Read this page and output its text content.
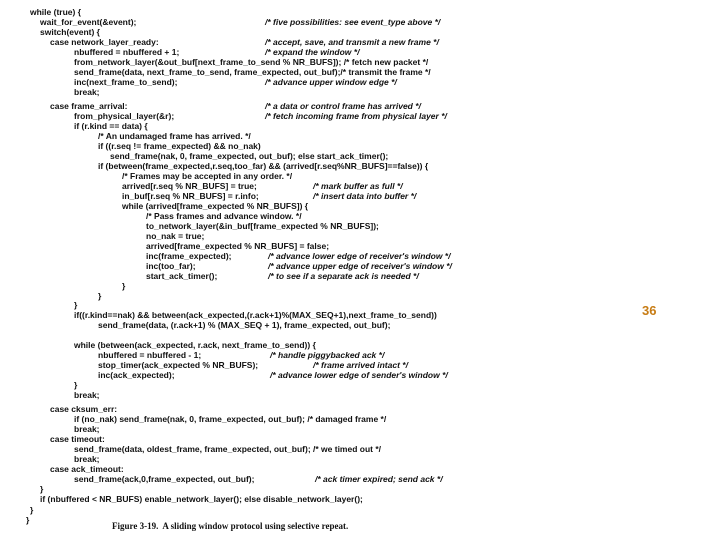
while (true) {
wait_for_event(&event);
switch(event) {
case network_layer_ready:
nbuffered = nbuffered + 1;
from_network_layer(&out_buf[next_frame_to_send % NR_BUFS]); /* fetch new packet */
send_frame(data, next_frame_to_send, frame_expected, out_buf);/* transmit the frame */
inc(next_frame_to_send);
break;
/* five possibilities: see event_type above */
/* accept, save, and transmit a new frame */
/* expand the window */
/* advance upper window edge */
case frame_arrival:
from_physical_layer(&r);
if (r.kind == data) {
/* An undamaged frame has arrived. */
if ((r.seq != frame_expected) && no_nak)
send_frame(nak, 0, frame_expected, out_buf); else start_ack_timer();
if (between(frame_expected,r.seq,too_far) && (arrived[r.seq%NR_BUFS]==false)) {
/* Frames may be accepted in any order. */
arrived[r.seq % NR_BUFS] = true;
in_buf[r.seq % NR_BUFS] = r.info;
while (arrived[frame_expected % NR_BUFS]) {
/* Pass frames and advance window. */
to_network_layer(&in_buf[frame_expected % NR_BUFS]);
no_nak = true;
arrived[frame_expected % NR_BUFS] = false;
inc(frame_expected);
inc(too_far);
start_ack_timer();
}
}
}
if((r.kind==nak) && between(ack_expected,(r.ack+1)%(MAX_SEQ+1),next_frame_to_send))
send_frame(data, (r.ack+1) % (MAX_SEQ + 1), frame_expected, out_buf);
/* a data or control frame has arrived */
/* fetch incoming frame from physical layer */
/* mark buffer as full */
/* insert data into buffer */
/* advance lower edge of receiver's window */
/* advance upper edge of receiver's window */
/* to see if a separate ack is needed */
while (between(ack_expected, r.ack, next_frame_to_send)) {
nbuffered = nbuffered - 1;
stop_timer(ack_expected % NR_BUFS);
inc(ack_expected);
}
break;
/* handle piggybacked ack */
/* frame arrived intact */
/* advance lower edge of sender's window */
case cksum_err:
if (no_nak) send_frame(nak, 0, frame_expected, out_buf); /* damaged frame */
break;
case timeout:
send_frame(data, oldest_frame, frame_expected, out_buf); /* we timed out */
break;
case ack_timeout:
send_frame(ack,0,frame_expected, out_buf);
}
if (nbuffered < NR_BUFS) enable_network_layer(); else disable_network_layer();
}
}
/* ack timer expired; send ack */
Figure 3-19.  A sliding window protocol using selective repeat.
36
